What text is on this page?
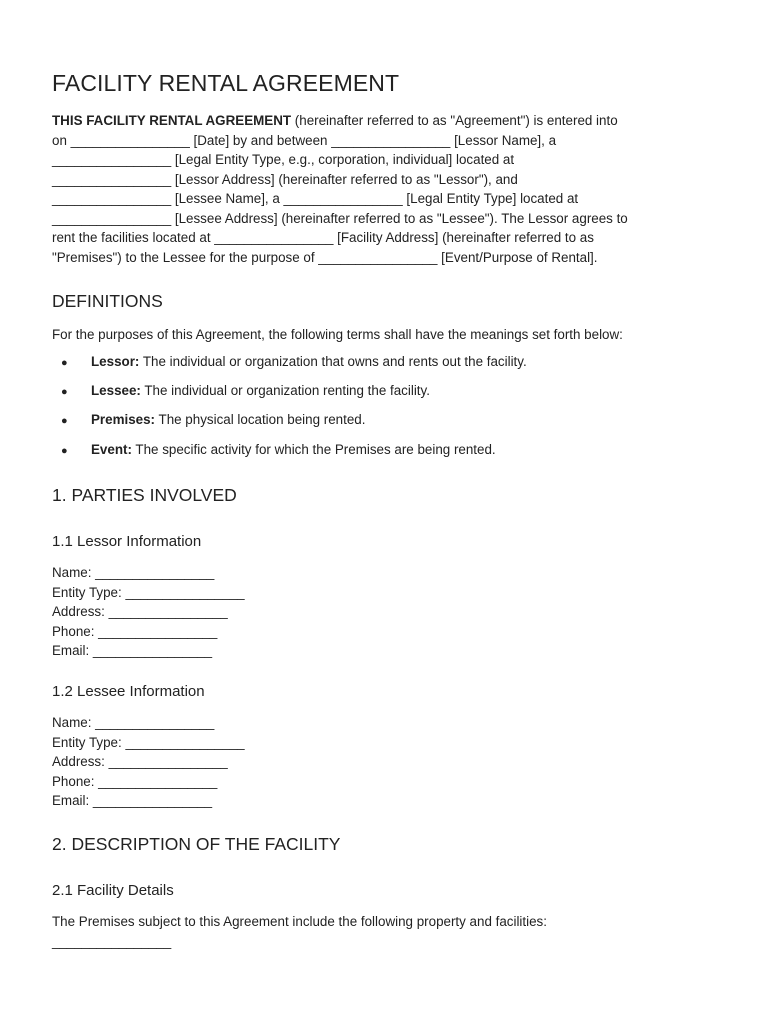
FACILITY RENTAL AGREEMENT

THIS FACILITY RENTAL AGREEMENT (hereinafter referred to as "Agreement") is entered into
on ________________ [Date] by and between ________________ [Lessor Name], a
________________ [Legal Entity Type, e.g., corporation, individual] located at
________________ [Lessor Address] (hereinafter referred to as "Lessor"), and
________________ [Lessee Name], a ________________ [Legal Entity Type] located at
________________ [Lessee Address] (hereinafter referred to as "Lessee"). The Lessor agrees to
rent the facilities located at ________________ [Facility Address] (hereinafter referred to as
"Premises") to the Lessee for the purpose of ________________ [Event/Purpose of Rental].

DEFINITIONS

For the purposes of this Agreement, the following terms shall have the meanings set forth below:

● Lessor: The individual or organization that owns and rents out the facility.
● Lessee: The individual or organization renting the facility.
● Premises: The physical location being rented.
● Event: The specific activity for which the Premises are being rented.
1. PARTIES INVOLVED
1.1 Lessor Information
Name: ________________
Entity Type: ________________
Address: ________________
Phone: ________________
Email: ________________
1.2 Lessee Information
Name: ________________
Entity Type: ________________
Address: ________________
Phone: ________________
Email: ________________
2. DESCRIPTION OF THE FACILITY
2.1 Facility Details

The Premises subject to this Agreement include the following property and facilities:

________________
